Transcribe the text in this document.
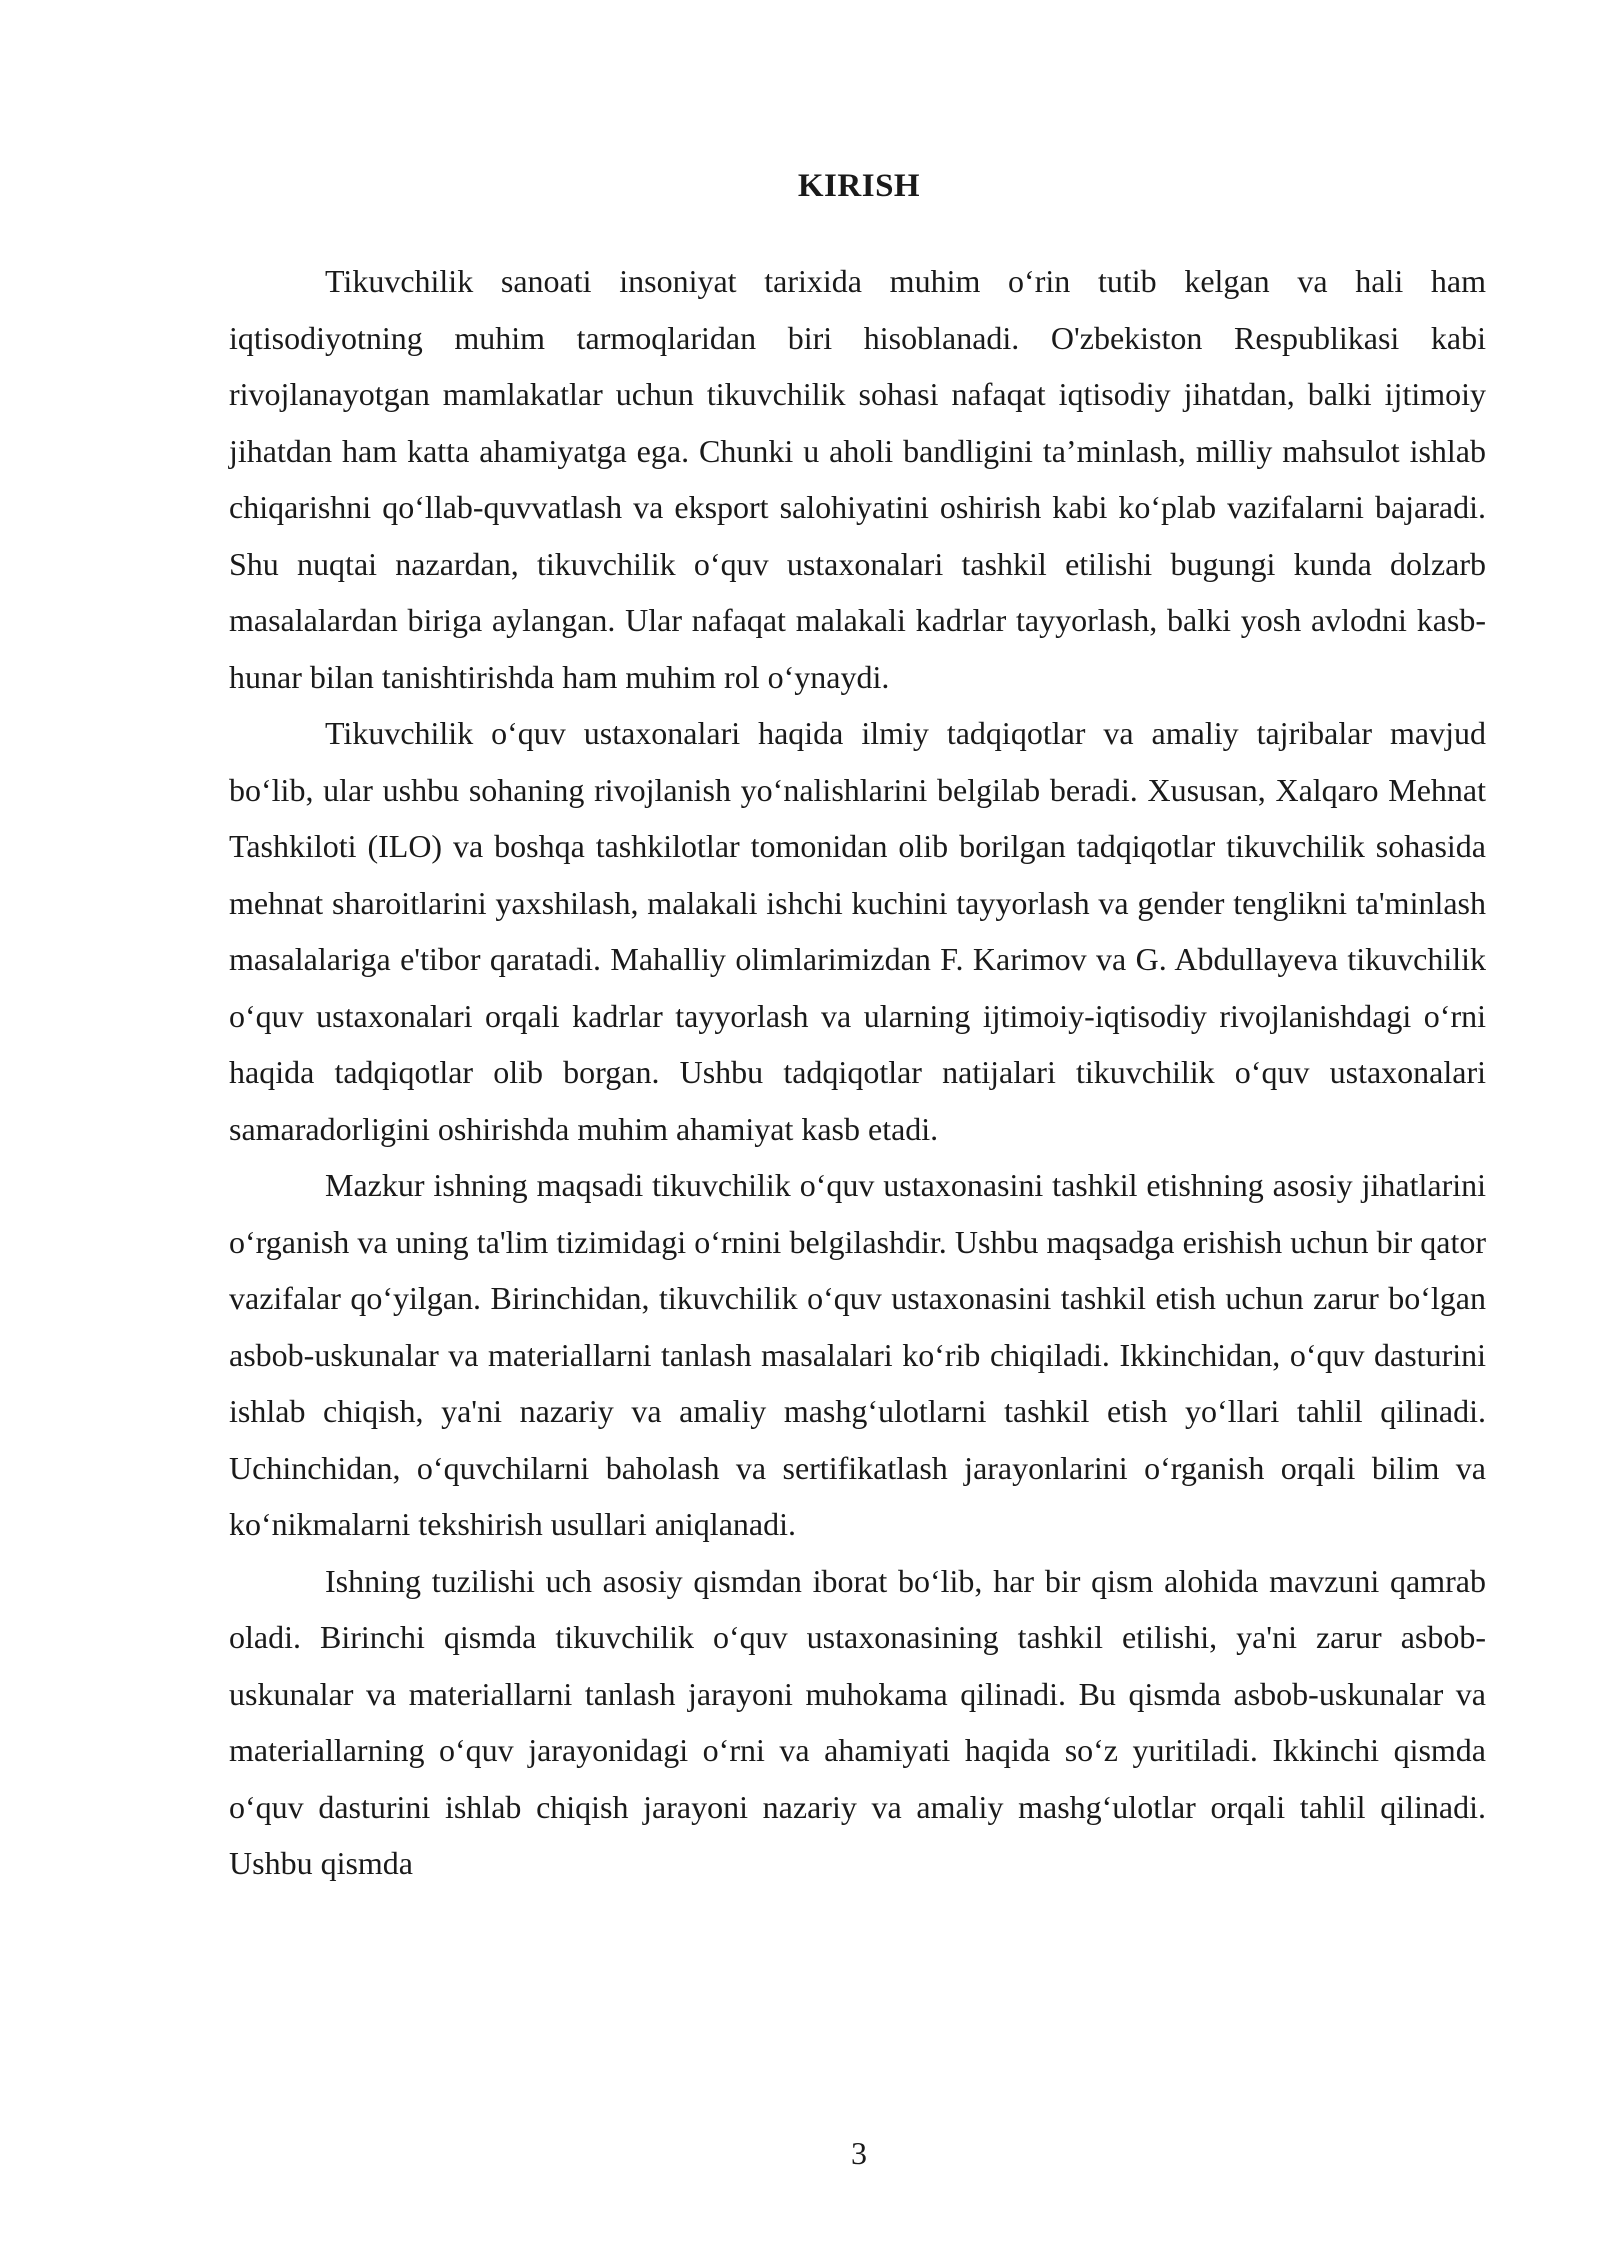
KIRISH

Tikuvchilik sanoati insoniyat tarixida muhim o‘rin tutib kelgan va hali ham iqtisodiyotning muhim tarmoqlaridan biri hisoblanadi. O'zbekiston Respublikasi kabi rivojlanayotgan mamlakatlar uchun tikuvchilik sohasi nafaqat iqtisodiy jihatdan, balki ijtimoiy jihatdan ham katta ahamiyatga ega. Chunki u aholi bandligini ta’minlash, milliy mahsulot ishlab chiqarishni qo‘llab-quvvatlash va eksport salohiyatini oshirish kabi ko‘plab vazifalarni bajaradi. Shu nuqtai nazardan, tikuvchilik o‘quv ustaxonalari tashkil etilishi bugungi kunda dolzarb masalalardan biriga aylangan. Ular nafaqat malakali kadrlar tayyorlash, balki yosh avlodni kasb-hunar bilan tanishtirishda ham muhim rol o‘ynaydi.

Tikuvchilik o‘quv ustaxonalari haqida ilmiy tadqiqotlar va amaliy tajribalar mavjud bo‘lib, ular ushbu sohaning rivojlanish yo‘nalishlarini belgilab beradi. Xususan, Xalqaro Mehnat Tashkiloti (ILO) va boshqa tashkilotlar tomonidan olib borilgan tadqiqotlar tikuvchilik sohasida mehnat sharoitlarini yaxshilash, malakali ishchi kuchini tayyorlash va gender tenglikni ta'minlash masalalariga e'tibor qaratadi. Mahalliy olimlarimizdan F. Karimov va G. Abdullayeva tikuvchilik o‘quv ustaxonalari orqali kadrlar tayyorlash va ularning ijtimoiy-iqtisodiy rivojlanishdagi o‘rni haqida tadqiqotlar olib borgan. Ushbu tadqiqotlar natijalari tikuvchilik o‘quv ustaxonalari samaradorligini oshirishda muhim ahamiyat kasb etadi.

Mazkur ishning maqsadi tikuvchilik o‘quv ustaxonasini tashkil etishning asosiy jihatlarini o‘rganish va uning ta'lim tizimidagi o‘rnini belgilashdir. Ushbu maqsadga erishish uchun bir qator vazifalar qo‘yilgan. Birinchidan, tikuvchilik o‘quv ustaxonasini tashkil etish uchun zarur bo‘lgan asbob-uskunalar va materiallarni tanlash masalalari ko‘rib chiqiladi. Ikkinchidan, o‘quv dasturini ishlab chiqish, ya'ni nazariy va amaliy mashg‘ulotlarni tashkil etish yo‘llari tahlil qilinadi. Uchinchidan, o‘quvchilarni baholash va sertifikatlash jarayonlarini o‘rganish orqali bilim va ko‘nikmalarni tekshirish usullari aniqlanadi.

Ishning tuzilishi uch asosiy qismdan iborat bo‘lib, har bir qism alohida mavzuni qamrab oladi. Birinchi qismda tikuvchilik o‘quv ustaxonasining tashkil etilishi, ya'ni zarur asbob-uskunalar va materiallarni tanlash jarayoni muhokama qilinadi. Bu qismda asbob-uskunalar va materiallarning o‘quv jarayonidagi o‘rni va ahamiyati haqida so‘z yuritiladi. Ikkinchi qismda o‘quv dasturini ishlab chiqish jarayoni nazariy va amaliy mashg‘ulotlar orqali tahlil qilinadi. Ushbu qismda

3
